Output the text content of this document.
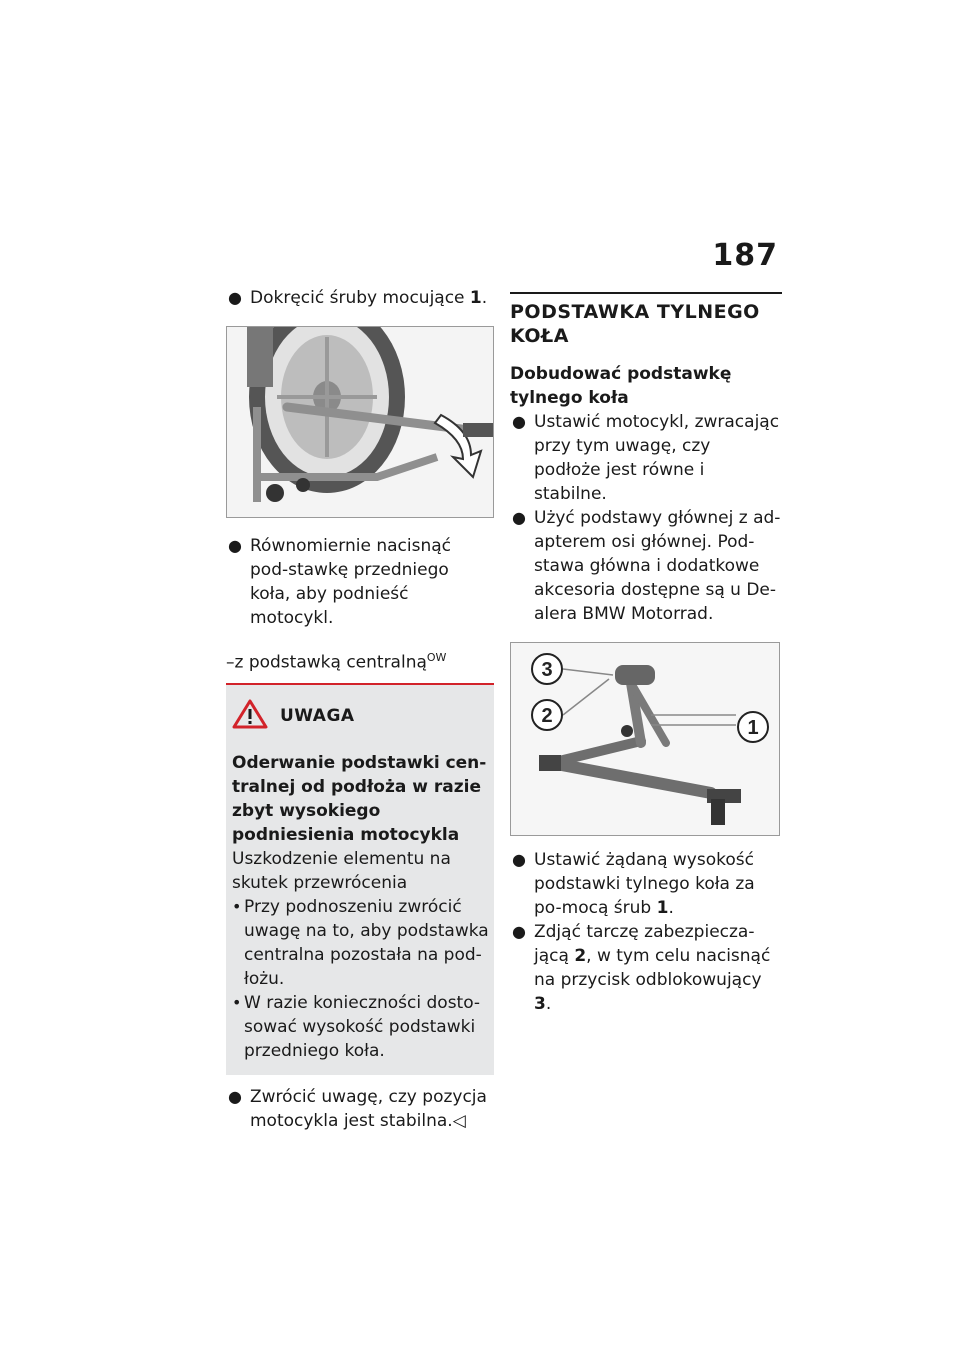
187

● Dokręcić śruby mocujące 1.

● Równomiernie nacisnąć pod-stawkę przedniego koła, aby podnieść motocykl.

–z podstawką centralną$^{OW}$
UWAGA
Oderwanie podstawki cen-tralnej od podłoża w razie zbyt wysokiego podniesienia motocykla
Uszkodzenie elementu na skutek przewrócenia

• Przy podnoszeniu zwrócić uwagę na to, aby podstawka centralna pozostała na pod-łożu.

• W razie konieczności dosto-sować wysokość podstawki przedniego koła.

● Zwrócić uwagę, czy pozycja motocykla jest stabilna.◁

PODSTAWKA TYLNEGO KOŁA
Dobudować podstawkę tylnego koła

● Ustawić motocykl, zwracając przy tym uwagę, czy podłoże jest równe i stabilne.

● Użyć podstawy głównej z ad-apterem osi głównej. Pod-stawa główna i dodatkowe akcesoria dostępne są u De-alera BMW Motorrad.

3
2
1

● Ustawić żądaną wysokość podstawki tylnego koła za po-mocą śrub 1.

● Zdjąć tarczę zabezpiecza-jącą 2, w tym celu nacisnąć na przycisk odblokowujący 3.
